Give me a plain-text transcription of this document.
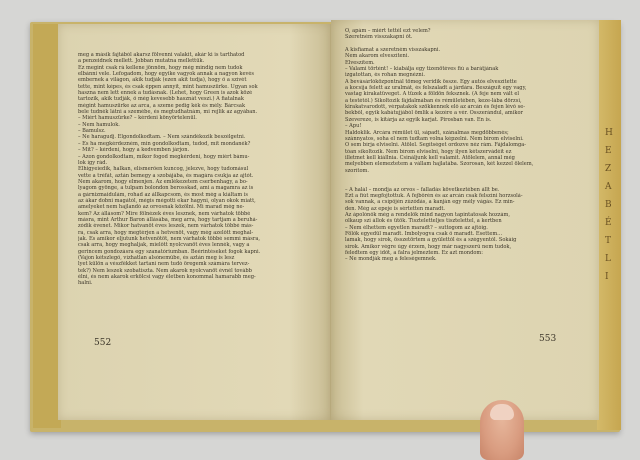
H
E
Z
A
B
É
T
L
I
meg a másik fajtából akarsz fölvenni valakit, akár ki is tarthatod
a penzeidnek mellett. Jobban mutatna mellettük.
Ez megint csak rá kellene jönnöm, hogy még mindig nem tudok
elbánni vele. Lefogadom, hogy egyike vagyok annak a nagyon kevés
embernek a világon, akik tudják (ezen akit tudja), hogy ő a szívét
tette, mint képes, és csak éppen annyit, mint hamuszürke. Ugyan sok
haszna nem lett ennek a tudásnak. (Lehet, hogy Green is azok közé
tartozik, akik tudják, ő még kevesebb hasznát veszi.) A fiatalnak
mégint hamuszürke az arca, a szeme pedig kék és mély. Bárcsak
bele tudnék látni a szemébe, és megtudhatnám, mi rejlik az agyában.
– Miért hamuszürke? – kérdeni könyörtelenül.
– Nem hamulok.
– Bamulsz.
– Ne haragudj. Elgondolkodtam. – Nem szándékozik beszélgetni.
– És ha megkérdezném, min gondolkodtam, tudod, mit mondanék?
– Mit? – kérdeni, hogy a kedvemben járjon.
– Azon gondolkodtam, mikor fogod megkérdeni, hogy miért bámu-
lok így rád.
Elhigyeiedik, halkan, elismerően kuncog, jelezve, hogy tudomásul
vette a tréfát, aztán bemegy a szobájába, és magára csukja az ajtót.
Nem akarom, hogy elmenjen. Az emlékezetem cserbenhagy, a bo-
lyagom gyönge, a tulpam bolondon berosskad, ami a magamra az is
a gárnizmaidulám, rohad az állkapcsom, és most még a kiáltam is
az ákar dobni magától, mégis mégotti ekar hagyni, olyan okok miatt,
amelyeket nem hajlandó az orvosnak közölni. Mi marad még ne-
kem? Az állásom? Mire fölnézek éves lesznek, nem várhatok többé
másra, mint Arthur Baron állásába, meg arra, hogy tartjam a beruhá-
zódik évenet. Mikor hatvanöt éves leszek, nem várhatok többé más-
ra, csak arra, hogy megtérjen a hetvenöt, vagy még azelőtt meghal-
jak. És amikor eljutunk hetvenötöt, nem várhatok többé semmi másra,
csak arra, hogy meghaljak, mielőtt nyolcvanöt éves lennék, vagy a
gerincem gondozásra egy szanatóriumban. Beérintéseket fogok kapni.
(Vajon kétszlegő, vízhatlan alsóneműbe, és aztán meg is lesz
lyet külön a vészfékket tartani nem tudó öregemk számára tervez-
tek?) Nem leszek szobatiszta. Nem akarok nyolcvanöt évnél tovább
élni, és nem akarok erkölcsi vagy életben konommal hamarabb meg-
halni.
552
Ó, apám – miért tettél ezt velem?
Szeretném visszakapni őt.

A kisfiamat a szeretném visszakapni.
Nem akarom elveszíteni.
Elveszítem.
– Valami történt! – kiabálja egy tizenötéves fiú a barátjának
izgatottan, és rohan megnézni.
A bevásárlóközpontnál tömeg veridik össze. Egy autós elveszítette
a kocsija felett az uralmát, és felszaladt a járdára. Beszáguit egy vagy,
vastag kirakatüveget. A tüzek a földön feksznek. (A feje nem vált el
a testétől.) Sikoltozik fájdalmában és rémületében, keze-lába dörzsi,
kirakatvarodott, vérpatakok szökkennek elő az arcán és fejen lévő se-
bekből, egyik kabátujjából ömlik a kezére a vér. Összerándul, amikor
Szevereze, is kitárja az egyik karjat. Pirosban van. Én is.
– Apu!
Haldoklik. Arcára rémület ül, sápadt, szánalmas megdöbbenés;
szánnyatos, soha el nem tudtam volna képzelni. Nem bírom elviselni.
Ő sem bírja elviselni. Átölel. Segítséget ordozve néz rám. Fájdalomga-
tóan sikoltozik. Nem bírom elviselni, hogy ilyen kétszervádéit ez
illetmet kell kiállnia. Csináljunk kell valamit. Átölelem, annál még
melyebben elemeztetem a vállam hajlatába. Szorosan, két kezzel ölelem,
szorítom.

– A halál – mondja az orvos – falladás következtében állt be.
Ezt a fiút megfojtottuk. A fejbőrén és az arcán csak felszíni horzsolá-
sok vannak, a csípőjén zúzódás, a kanján egy mély vágás. Ez min-
den. Még az epeje is sértetten maradt.
Az ápolónők még a rendelők mind nagyon tapintatosak hozzám,
olkaup szi állok és ütök. Tiszteletteljes tisztelettel, a kertben
– Nem élhettem egyetlen maradt? – suttogom az ajtóig.
Fölők egyedül maradt. Imbolyogva csak ő maradt. Ésettem…
lamak, hogy sírok, összetörtem a gyűlettől és a szégyentől. Sokáig
sírok. Amikor végre úgy érzem, hogy már nagyszerű nem tudok,
feledtem egy időt, a falra jelmeztem. Ez azt mondom:
– Ne mondják meg a feleségemnek.
553
